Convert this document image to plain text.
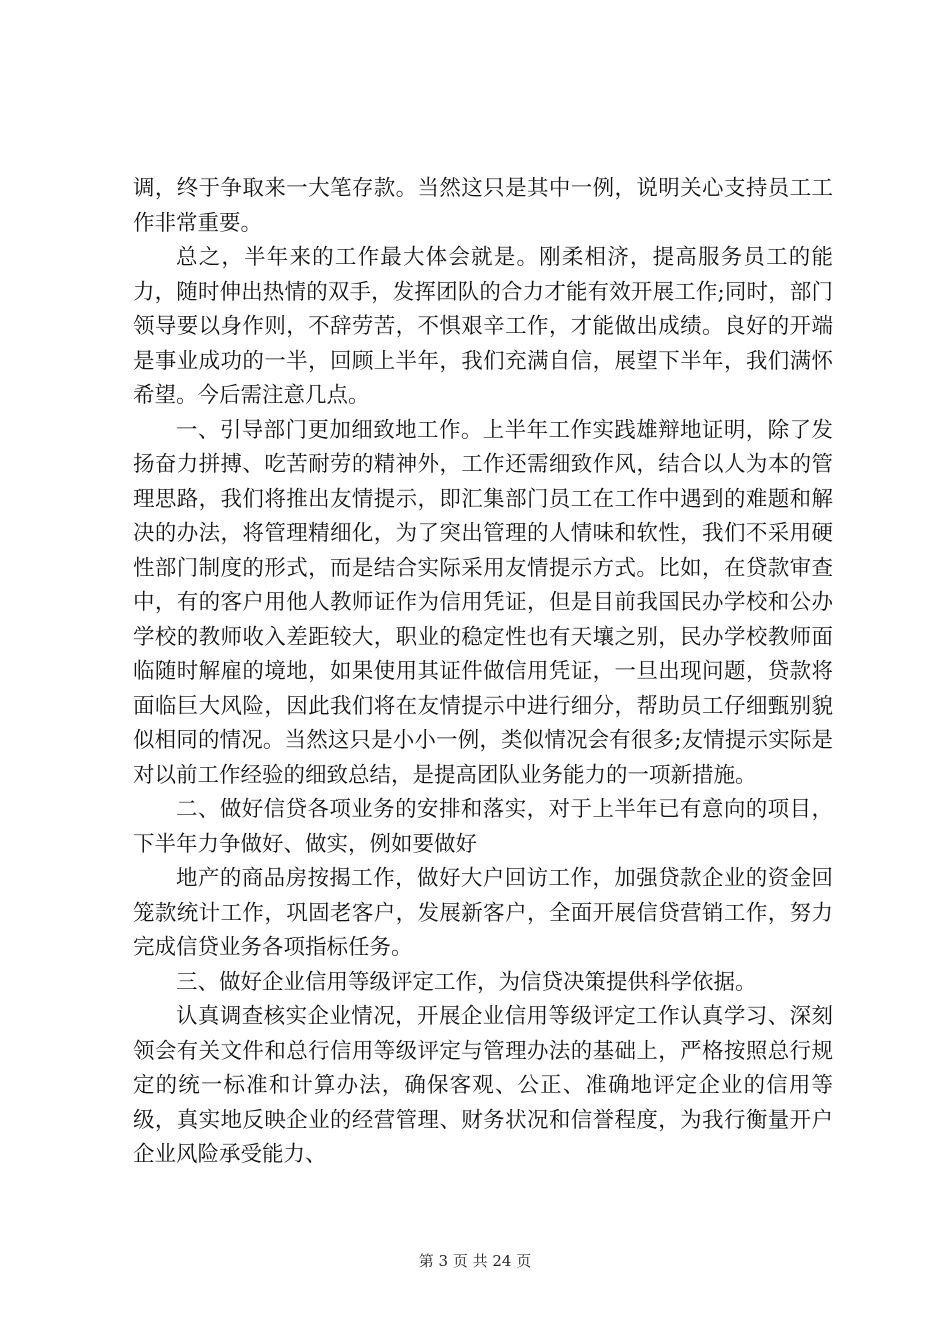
调，终于争取来一大笔存款。当然这只是其中一例，说明关心支持员工工作非常重要。

总之，半年来的工作最大体会就是。刚柔相济，提高服务员工的能力，随时伸出热情的双手，发挥团队的合力才能有效开展工作;同时，部门领导要以身作则，不辞劳苦，不惧艰辛工作，才能做出成绩。良好的开端是事业成功的一半，回顾上半年，我们充满自信，展望下半年，我们满怀希望。今后需注意几点。

一、引导部门更加细致地工作。上半年工作实践雄辩地证明，除了发扬奋力拼搏、吃苦耐劳的精神外，工作还需细致作风，结合以人为本的管理思路，我们将推出友情提示，即汇集部门员工在工作中遇到的难题和解决的办法，将管理精细化，为了突出管理的人情味和软性，我们不采用硬性部门制度的形式，而是结合实际采用友情提示方式。比如，在贷款审查中，有的客户用他人教师证作为信用凭证，但是目前我国民办学校和公办学校的教师收入差距较大，职业的稳定性也有天壤之别，民办学校教师面临随时解雇的境地，如果使用其证件做信用凭证，一旦出现问题，贷款将面临巨大风险，因此我们将在友情提示中进行细分，帮助员工仔细甄别貌似相同的情况。当然这只是小小一例，类似情况会有很多;友情提示实际是对以前工作经验的细致总结，是提高团队业务能力的一项新措施。

二、做好信贷各项业务的安排和落实，对于上半年已有意向的项目，下半年力争做好、做实，例如要做好

地产的商品房按揭工作，做好大户回访工作，加强贷款企业的资金回笼款统计工作，巩固老客户，发展新客户，全面开展信贷营销工作，努力完成信贷业务各项指标任务。

三、做好企业信用等级评定工作，为信贷决策提供科学依据。

认真调查核实企业情况，开展企业信用等级评定工作认真学习、深刻领会有关文件和总行信用等级评定与管理办法的基础上，严格按照总行规定的统一标准和计算办法，确保客观、公正、准确地评定企业的信用等级，真实地反映企业的经营管理、财务状况和信誉程度，为我行衡量开户企业风险承受能力、

第 3 页 共 24 页
